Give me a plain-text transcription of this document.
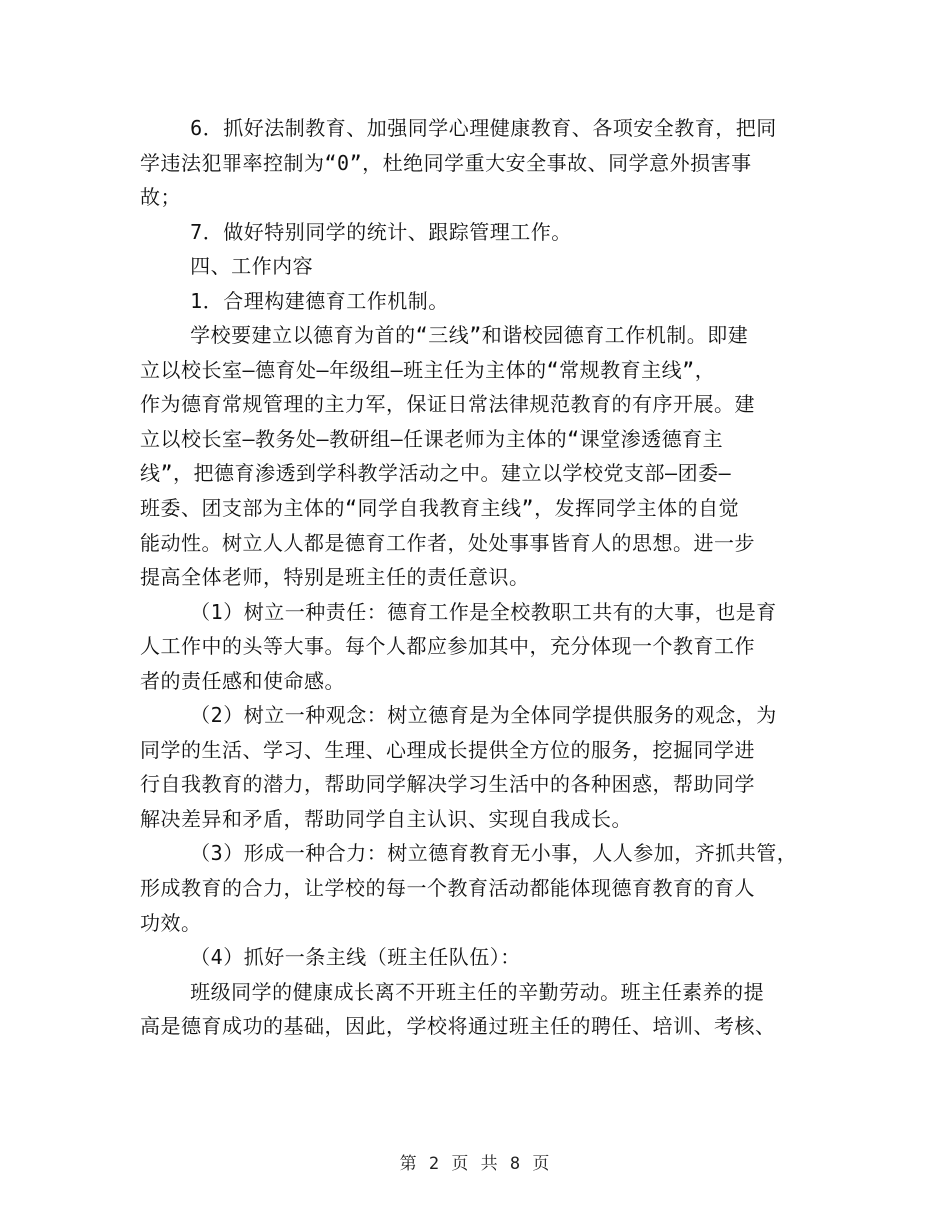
6．抓好法制教育、加强同学心理健康教育、各项安全教育，把同
学违法犯罪率控制为“0”，杜绝同学重大安全事故、同学意外损害事
故；
7．做好特别同学的统计、跟踪管理工作。
四、工作内容
1．合理构建德育工作机制。
学校要建立以德育为首的“三线”和谐校园德育工作机制。即建
立以校长室—德育处—年级组—班主任为主体的“常规教育主线”，
作为德育常规管理的主力军，保证日常法律规范教育的有序开展。建
立以校长室—教务处—教研组—任课老师为主体的“课堂渗透德育主
线”，把德育渗透到学科教学活动之中。建立以学校党支部—团委—
班委、团支部为主体的“同学自我教育主线”，发挥同学主体的自觉
能动性。树立人人都是德育工作者，处处事事皆育人的思想。进一步
提高全体老师，特别是班主任的责任意识。
（1）树立一种责任：德育工作是全校教职工共有的大事，也是育
人工作中的头等大事。每个人都应参加其中，充分体现一个教育工作
者的责任感和使命感。
（2）树立一种观念：树立德育是为全体同学提供服务的观念，为
同学的生活、学习、生理、心理成长提供全方位的服务，挖掘同学进
行自我教育的潜力，帮助同学解决学习生活中的各种困惑，帮助同学
解决差异和矛盾，帮助同学自主认识、实现自我成长。
（3）形成一种合力：树立德育教育无小事，人人参加，齐抓共管，
形成教育的合力，让学校的每一个教育活动都能体现德育教育的育人
功效。
（4）抓好一条主线（班主任队伍）：
班级同学的健康成长离不开班主任的辛勤劳动。班主任素养的提
高是德育成功的基础，因此，学校将通过班主任的聘任、培训、考核、
第 2 页 共 8 页
